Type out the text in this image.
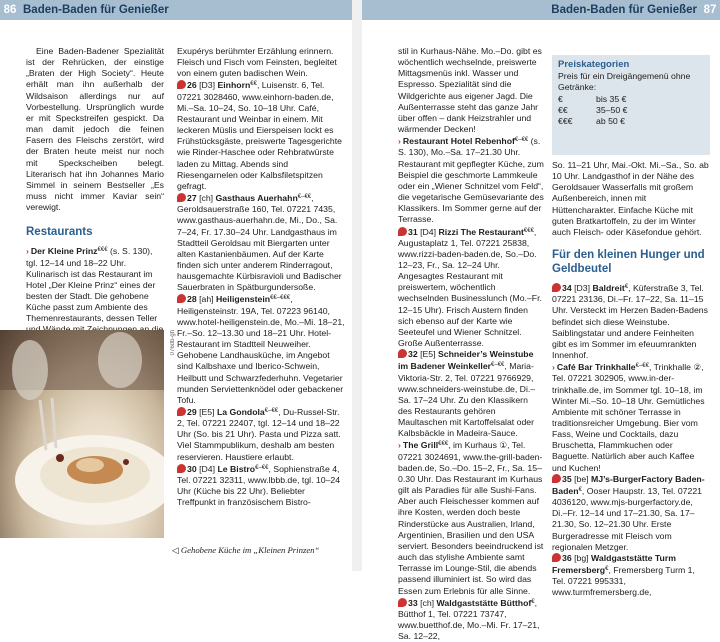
86 Baden-Baden für Genießer	Baden-Baden für Genießer 87

Eine Baden-Badener Spezialität ist der Rehrücken, der einstige „Braten der High Society“. Heute erhält man ihn außerhalb der Wildsaison allerdings nur auf Vorbestellung. Ursprünglich wurde er mit Speckstreifen gespickt. Da man damit jedoch die feinen Fasern des Fleischs zerstört, wird der Braten heute meist nur noch mit Speckscheiben belegt. Literarisch hat ihn Johannes Mario Simmel in seinem Bestseller „Es muss nicht immer Kaviar sein“ verewigt.

Restaurants

› Der Kleine Prinz€€€ (s. S. 130), tgl. 12–14 und 18–22 Uhr. Kulinarisch ist das Restaurant im Hotel „Der Kleine Prinz“ eines der besten der Stadt. Die gehobene Küche passt zum Ambiente des Themenrestaurants, dessen Teller

076db-gh

Exupérys berühmter Erzählung erinnern. Fleisch und Fisch vom Feinsten, begleitet von einem guten badischen Wein.

26 [D3] Einhorn€€, Luisenstr. 6, Tel. 07221 3028460, www.einhorn-baden.de, Mi.–Sa. 10–24, So. 10–18 Uhr. Café, Restaurant und Weinbar in einem. Mit leckeren Müslis und Eierspeisen lockt es Frühstücksgäste, preiswerte Tagesgerichte wie Rinder-Haschee oder Rehbratwürste laden zu Mittag. Abends sind Riesengarnelen oder Kalbsfiletspitzen gefragt.

27 [ch] Gasthaus Auerhahn€–€€, Geroldsauerstraße 160, Tel. 07221 7435, www.gasthaus-auerhahn.de, Mi., Do., Sa. 7–24, Fr. 17.30–24 Uhr. Landgasthaus im Stadtteil Geroldsau mit Biergarten unter alten Kastanienbäumen. Auf der Karte finden sich unter anderem Rinderragout, hausgemachte Kürbisravioli und Badischer Sauerbraten in Spätburgundersoße.

28 [ah] Heiligenstein€€–€€€, Heiligensteinstr. 19A, Tel. 07223 96140, www.hotel-heiligenstein.de, Mo.–Mi. 18–21, Fr.–So. 12–13.30 und 18–21 Uhr. Hotel-Restaurant im Stadtteil Neuweiher. Gehobene Landhausküche, im Angebot sind Kalbshaxe und Iberico-Schwein, Heilbutt und Schwarzfederhuhn. Vegetarier munden Serviettenknödel oder gebackener Tofu.

29 [E5] La Gondola€–€€, Du-Russel-Str. 2, Tel. 07221 22407, tgl. 12–14 und 18–22 Uhr (So. bis 21 Uhr). Pasta und Pizza satt. Viel Stammpublikum, deshalb am besten reservieren. Haustiere erlaubt.

30 [D4] Le Bistro€–€€, Sophienstraße 4, Tel. 07221 32311, www.lbbb.de, tgl. 10–24 Uhr (Küche bis 22 Uhr). Beliebter Treffpunkt in französischem Bistro-

◁ Gehobene Küche im „Kleinen Prinzen“

stil in Kurhaus-Nähe. Mo.–Do. gibt es wöchentlich wechselnde, preiswerte Mittagsmenüs inkl. Wasser und Espresso. Spezialität sind die Wildgerichte aus eigener Jagd. Die Außenterrasse steht das ganze Jahr über offen – dank Heizstrahler und wärmender Decken!

› Restaurant Hotel Rebenhof€–€€ (s. S. 130), Mo.–Sa. 17–21.30 Uhr. Restaurant mit gepflegter Küche, zum Beispiel die geschmorte Lammkeule oder ein „Wiener Schnitzel vom Feld“, die vegetarische Gemüsevariante des Klassikers. Im Sommer gerne auf der Terrasse.

31 [D4] Rizzi The Restaurant€€€, Augustaplatz 1, Tel. 07221 25838, www.rizzi-baden-baden.de, So.–Do. 12–23, Fr., Sa. 12–24 Uhr. Angesagtes Restaurant mit preiswertem, wöchentlich wechselnden Businesslunch (Mo.–Fr. 12–15 Uhr). Frisch Austern finden sich ebenso auf der Karte wie Seeteufel und Wiener Schnitzel. Große Außenterrasse.

32 [E5] Schneider’s Weinstube im Badener Weinkeller€–€€, Maria-Viktoria-Str. 2, Tel. 07221 9766929, www.schneiders-weinstube.de, Di.–Sa. 17–24 Uhr. Zu den Klassikern des Restaurants gehören Maultaschen mit Kartoffelsalat oder Kalbsbäckle in Madeira-Sauce.

› The Grill€€€, im Kurhaus ①, Tel. 07221 3024691, www.the-grill-baden-baden.de, So.–Do. 15–2, Fr., Sa. 15–0.30 Uhr. Das Restaurant im Kurhaus gilt als Paradies für alle Sushi-Fans. Aber auch Fleischesser kommen auf ihre Kosten, werden doch beste Rinderstücke aus Australien, Irland, Argentinien, Brasilien und den USA serviert. Besonders beeindruckend ist auch das stylishe Ambiente samt Terrasse im Lounge-Stil, die abends passend illuminiert ist. So wird das Essen zum Erlebnis für alle Sinne.

33 [ch] Waldgaststätte Bütthof€, Bütthof 1, Tel. 07221 73747, www.buetthof.de, Mo.–Mi. Fr. 17–21, Sa. 12–22,

Preiskategorien
Preis für ein Dreigängemenü ohne Getränke:
€	bis 35 €
€€	35–50 €
€€€	ab 50 €

So. 11–21 Uhr, Mai.-Okt. Mi.–Sa., So. ab 10 Uhr. Landgasthof in der Nähe des Geroldsauer Wasserfalls mit großem Außenbereich, innen mit Hüttencharakter. Einfache Küche mit guten Bratkartoffeln, zu der im Winter auch Fleisch- oder Käsefondue gehört.

Für den kleinen Hunger und Geldbeutel

34 [D3] Baldreit€, Küferstraße 3, Tel. 07221 23136, Di.–Fr. 17–22, Sa. 11–15 Uhr. Versteckt im Herzen Baden-Badens befindet sich diese Weinstube. Saiblingstatar und andere Feinheiten gibt es im Sommer im efeuumrankten Innenhof.

› Café Bar Trinkhalle€–€€, Trinkhalle ②, Tel. 07221 302905, www.in-der-trinkhalle.de, im Sommer tgl. 10–18, im Winter Mi.–So. 10–18 Uhr. Gemütliches Ambiente mit schöner Terrasse in traditionsreicher Umgebung. Bier vom Fass, Weine und Cocktails, dazu Bruschetta, Flammkuchen oder Baguette. Natürlich aber auch Kaffee und Kuchen!

35 [be] MJ’s-BurgerFactory Baden-Baden€, Ooser Haupstr. 13, Tel. 07221 4036120, www.mjs-burgerfactory.de, Di.–Fr. 12–14 und 17–21.30, Sa. 17–21.30, So. 12–21.30 Uhr. Erste Burgeradresse mit Fleisch vom regionalen Metzger.

36 [bg] Waldgaststätte Turm Fremersberg€, Fremersberg Turm 1, Tel. 07221 995331, www.turmfremersberg.de,
